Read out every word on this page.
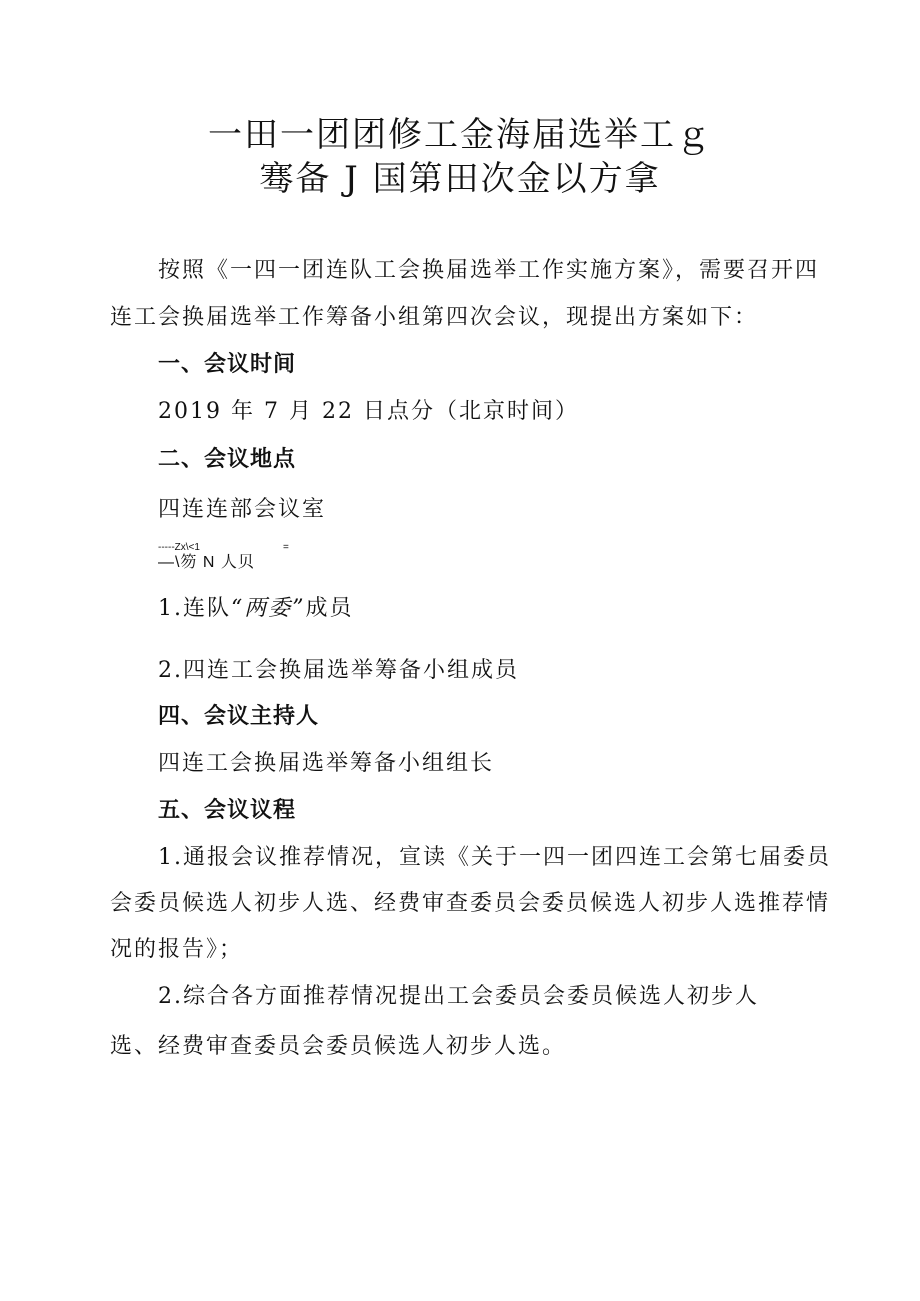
一田一团团修工金海届选举工ｇ
骞备 J 国第田次金以方拿
按照《一四一团连队工会换届选举工作实施方案》，需要召开四
连工会换届选举工作筹备小组第四次会议，现提出方案如下：
一、会议时间
2019 年 7 月 22 日点分（北京时间）
二、会议地点
四连连部会议室
-----Zx\<1	=
—\笏 N 人贝
1.连队“两委”成员
2.四连工会换届选举筹备小组成员
四、会议主持人
四连工会换届选举筹备小组组长
五、会议议程
1.通报会议推荐情况，宣读《关于一四一团四连工会第七届委员
会委员候选人初步人选、经费审查委员会委员候选人初步人选推荐情
况的报告》；
2.综合各方面推荐情况提出工会委员会委员候选人初步人
选、经费审查委员会委员候选人初步人选。
